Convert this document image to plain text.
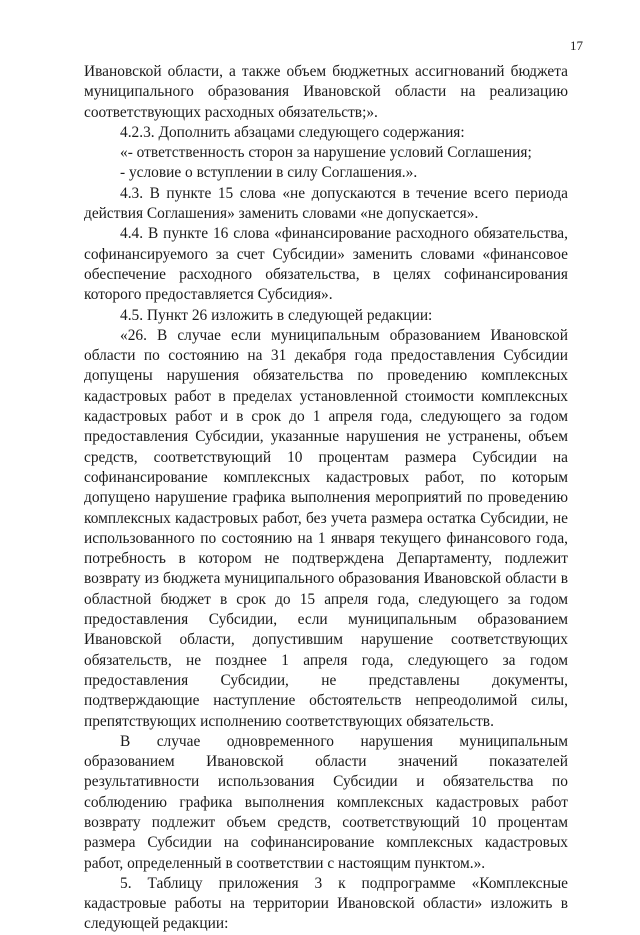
17

Ивановской области, а также объем бюджетных ассигнований бюджета муниципального образования Ивановской области на реализацию соответствующих расходных обязательств;».

4.2.3. Дополнить абзацами следующего содержания:

«- ответственность сторон за нарушение условий Соглашения;

- условие о вступлении в силу Соглашения.».

4.3. В пункте 15 слова «не допускаются в течение всего периода действия Соглашения» заменить словами «не допускается».

4.4. В пункте 16 слова «финансирование расходного обязательства, софинансируемого за счет Субсидии» заменить словами «финансовое обеспечение расходного обязательства, в целях софинансирования которого предоставляется Субсидия».

4.5. Пункт 26 изложить в следующей редакции:

«26. В случае если муниципальным образованием Ивановской области по состоянию на 31 декабря года предоставления Субсидии допущены нарушения обязательства по проведению комплексных кадастровых работ в пределах установленной стоимости комплексных кадастровых работ и в срок до 1 апреля года, следующего за годом предоставления Субсидии, указанные нарушения не устранены, объем средств, соответствующий 10 процентам размера Субсидии на софинансирование комплексных кадастровых работ, по которым допущено нарушение графика выполнения мероприятий по проведению комплексных кадастровых работ, без учета размера остатка Субсидии, не использованного по состоянию на 1 января текущего финансового года, потребность в котором не подтверждена Департаменту, подлежит возврату из бюджета муниципального образования Ивановской области в областной бюджет в срок до 15 апреля года, следующего за годом предоставления Субсидии, если муниципальным образованием Ивановской области, допустившим нарушение соответствующих обязательств, не позднее 1 апреля года, следующего за годом предоставления Субсидии, не представлены документы, подтверждающие наступление обстоятельств непреодолимой силы, препятствующих исполнению соответствующих обязательств.

В случае одновременного нарушения муниципальным образованием Ивановской области значений показателей результативности использования Субсидии и обязательства по соблюдению графика выполнения комплексных кадастровых работ возврату подлежит объем средств, соответствующий 10 процентам размера Субсидии на софинансирование комплексных кадастровых работ, определенный в соответствии с настоящим пунктом.».

5. Таблицу приложения 3 к подпрограмме «Комплексные кадастровые работы на территории Ивановской области» изложить в следующей редакции:
